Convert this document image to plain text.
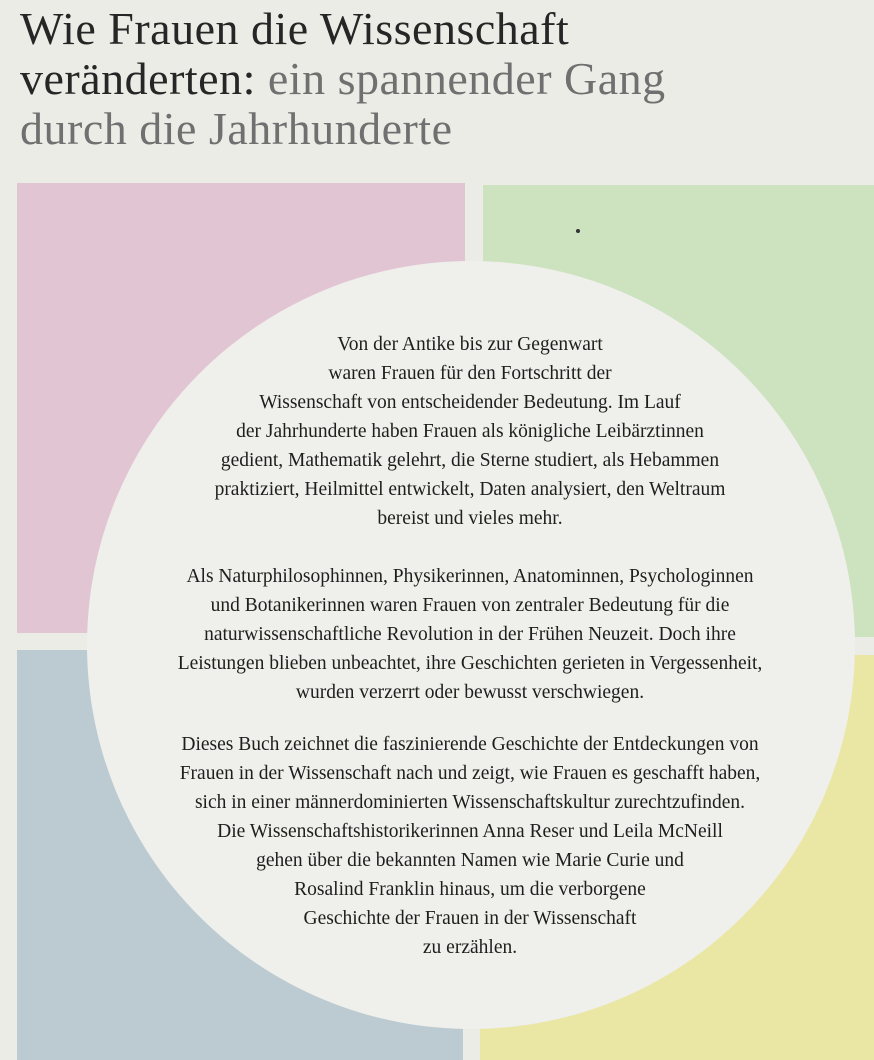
Wie Frauen die Wissenschaft
veränderten: ein spannender Gang
durch die Jahrhunderte
Von der Antike bis zur Gegenwart
waren Frauen für den Fortschritt der
Wissenschaft von entscheidender Bedeutung. Im Lauf
der Jahrhunderte haben Frauen als königliche Leibärztinnen
gedient, Mathematik gelehrt, die Sterne studiert, als Hebammen
praktiziert, Heilmittel entwickelt, Daten analysiert, den Weltraum
bereist und vieles mehr.
Als Naturphilosophinnen, Physikerinnen, Anatominnen, Psychologinnen
und Botanikerinnen waren Frauen von zentraler Bedeutung für die
naturwissenschaftliche Revolution in der Frühen Neuzeit. Doch ihre
Leistungen blieben unbeachtet, ihre Geschichten gerieten in Vergessenheit,
wurden verzerrt oder bewusst verschwiegen.
Dieses Buch zeichnet die faszinierende Geschichte der Entdeckungen von
Frauen in der Wissenschaft nach und zeigt, wie Frauen es geschafft haben,
sich in einer männerdominierten Wissenschaftskultur zurechtzufinden.
Die Wissenschaftshistorikerinnen Anna Reser und Leila McNeill
gehen über die bekannten Namen wie Marie Curie und
Rosalind Franklin hinaus, um die verborgene
Geschichte der Frauen in der Wissenschaft
zu erzählen.
